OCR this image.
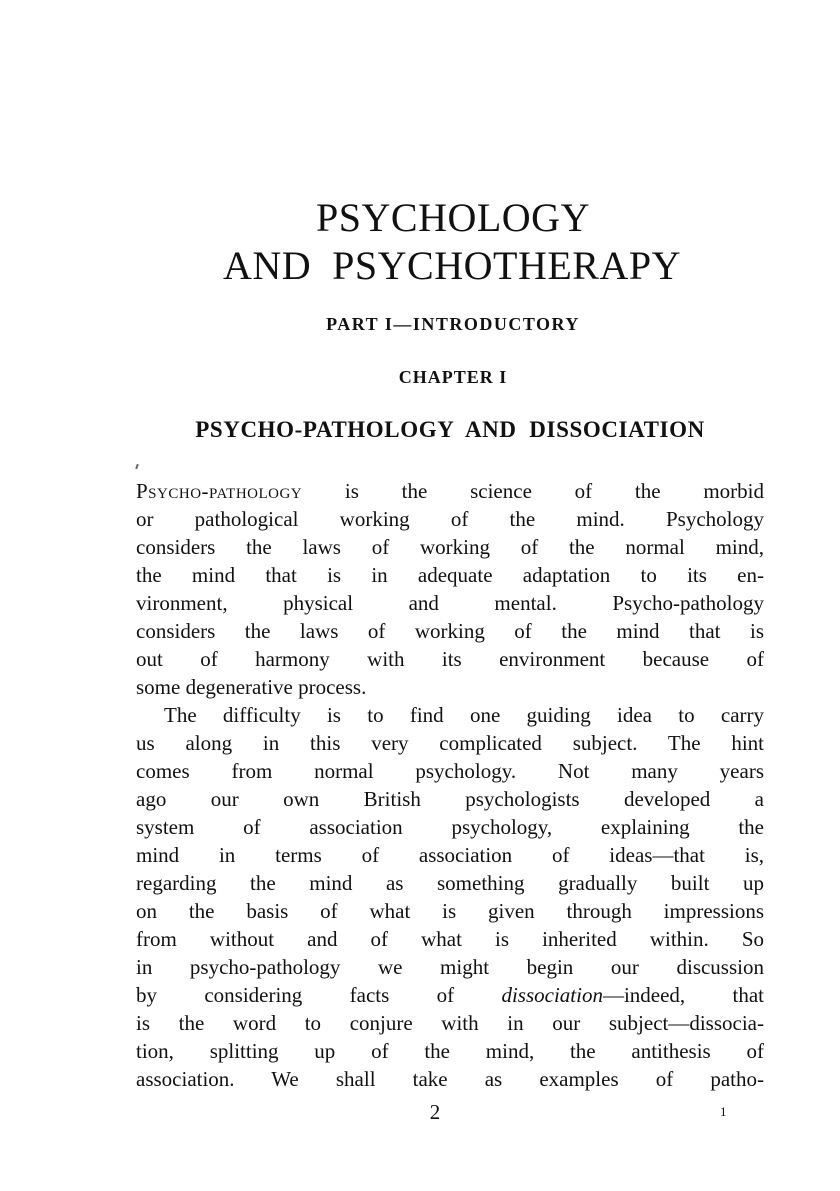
PSYCHOLOGY
AND  PSYCHOTHERAPY
PART I—INTRODUCTORY
CHAPTER I
PSYCHO-PATHOLOGY  AND  DISSOCIATION

Psycho-pathology is the science of the morbid
or pathological working of the mind. Psychology
considers the laws of working of the normal mind,
the mind that is in adequate adaptation to its en-
vironment, physical and mental. Psycho-pathology
considers the laws of working of the mind that is
out of harmony with its environment because of
some degenerative process.

The difficulty is to find one guiding idea to carry
us along in this very complicated subject. The hint
comes from normal psychology. Not many years
ago our own British psychologists developed a
system of association psychology, explaining the
mind in terms of association of ideas—that is,
regarding the mind as something gradually built up
on the basis of what is given through impressions
from without and of what is inherited within. So
in psycho-pathology we might begin our discussion
by considering facts of dissociation—indeed, that
is the word to conjure with in our subject—dissocia-
tion, splitting up of the mind, the antithesis of
association. We shall take as examples of patho-

2	1
